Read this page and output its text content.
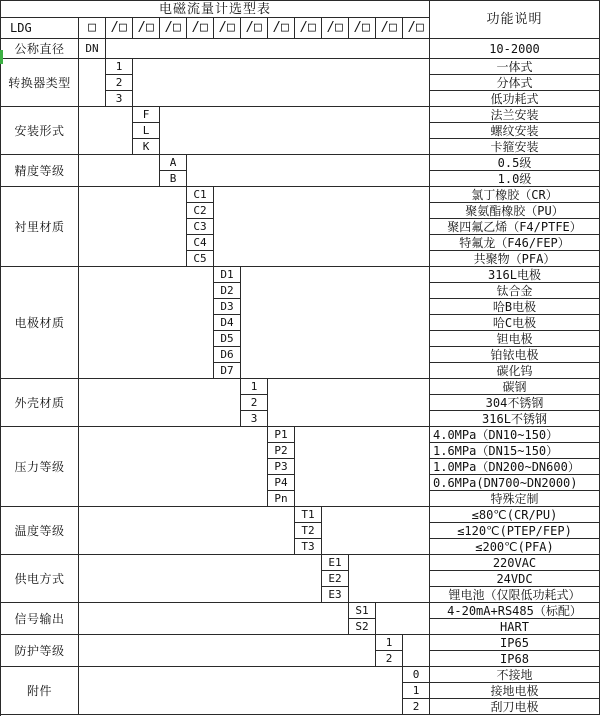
电磁流量计选型表
功能说明
LDG	□	/□ /□ /□ /□ /□ /□ /□ /□ /□ /□ /□ /□
公称直径	DN	10-2000
转换器类型
1	一体式
2	分体式
3	低功耗式
安装形式
F	法兰安装
L	螺纹安装
K	卡箍安装
精度等级
A	0.5级
B	1.0级
衬里材质
C1	氯丁橡胶（CR）
C2	聚氨酯橡胶（PU）
C3	聚四氟乙烯（F4/PTFE）
C4	特氟龙（F46/FEP）
C5	共聚物（PFA）
电极材质
D1	316L电极
D2	钛合金
D3	哈B电极
D4	哈C电极
D5	钽电极
D6	铂铱电极
D7	碳化钨
外壳材质
1	碳钢
2	304不锈钢
3	316L不锈钢
压力等级
P1	4.0MPa（DN10~150）
P2	1.6MPa（DN15~150）
P3	1.0MPa（DN200~DN600）
P4	0.6MPa(DN700~DN2000)
Pn	特殊定制
温度等级
T1	≤80℃(CR/PU)
T2	≤120℃(PTEP/FEP)
T3	≤200℃(PFA)
供电方式
E1	220VAC
E2	24VDC
E3	锂电池（仅限低功耗式）
信号输出
S1	4-20mA+RS485（标配）
S2	HART
防护等级
1	IP65
2	IP68
附件
0	不接地
1	接地电极
2	刮刀电极
